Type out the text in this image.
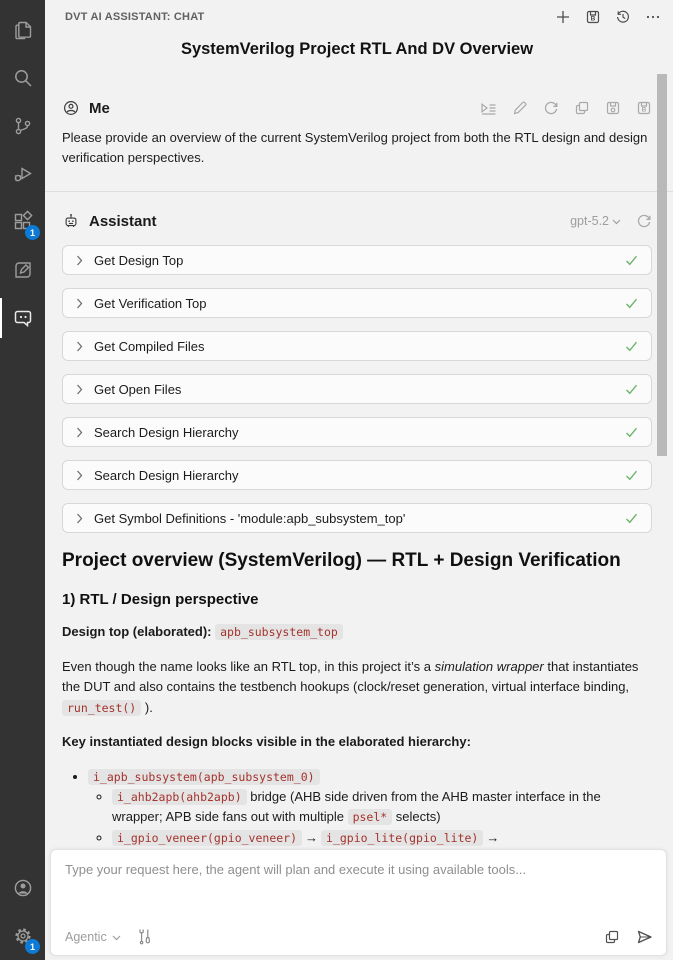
1
1
DVT AI ASSISTANT: CHAT	B
SystemVerilog Project RTL And DV Overview
Me	B

Please provide an overview of the current SystemVerilog project from both the RTL design and design verification perspectives.

Assistant	gpt-5.2
Get Design Top
Get Verification Top
Get Compiled Files
Get Open Files
Search Design Hierarchy
Search Design Hierarchy
Get Symbol Definitions - 'module:apb_subsystem_top'
Project overview (SystemVerilog) — RTL + Design Verification
1) RTL / Design perspective

Design top (elaborated): apb_subsystem_top

Even though the name looks like an RTL top, in this project it’s a simulation wrapper that instantiates the DUT and also contains the testbench hookups (clock/reset generation, virtual interface binding, run_test() ).

Key instantiated design blocks visible in the elaborated hierarchy:

• i_apb_subsystem(apb_subsystem_0)
◦ i_ahb2apb(ahb2apb) bridge (AHB side driven from the AHB master interface in the wrapper; APB side fans out with multiple psel* selects)
◦ i_gpio_veneer(gpio_veneer) → i_gpio_lite(gpio_lite) →
Type your request here, the agent will plan and execute it using available tools...
Agentic
